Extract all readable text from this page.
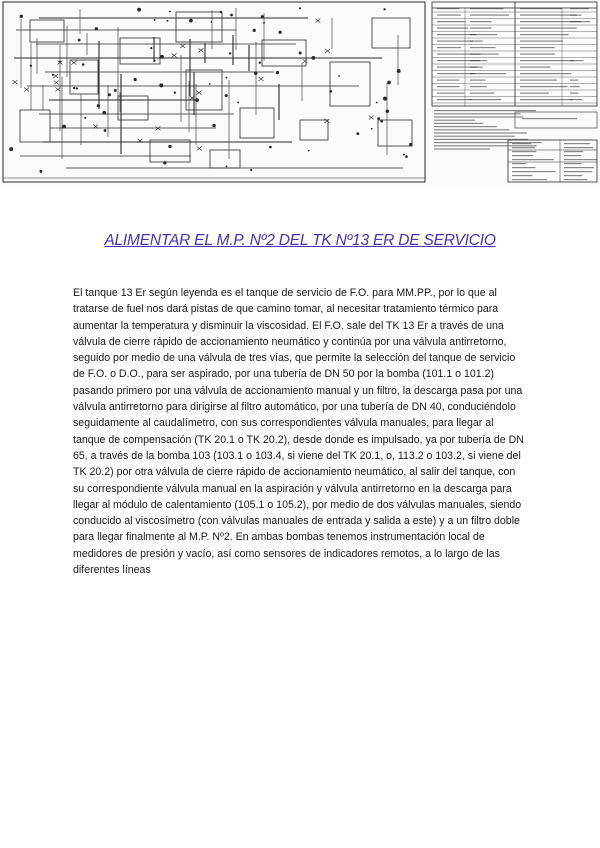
ALIMENTAR EL M.P. Nº2 DEL TK Nº13 ER DE SERVICIO
El tanque 13 Er según leyenda es el tanque de servicio de F.O. para MM.PP., por lo que al tratarse de fuel nos dará pistas de que camino tomar, al necesitar tratamiento térmico para aumentar la temperatura y disminuir la viscosidad. El F.O. sale del TK 13 Er a través de una válvula de cierre rápido de accionamiento neumático y continúa por una válvula antirretorno, seguido por medio de una válvula de tres vías, que permite la selección del tanque de servicio de F.O. o D.O., para ser aspirado, por una tubería de DN 50 por la bomba (101.1 o 101.2) pasando primero por una válvula de accionamiento manual y un filtro, la descarga pasa por una válvula antirretorno para dirigirse al filtro automático, por una tubería de DN 40, conduciéndolo seguidamente al caudalímetro, con sus correspondientes válvula manuales, para llegar al tanque de compensación (TK 20.1 o TK 20.2), desde donde es impulsado, ya por tubería de DN 65, a través de la bomba 103 (103.1 o 103.4, si viene del TK 20.1, o, 113.2 o 103.2, si viene del TK 20.2) por otra válvula de cierre rápido de accionamiento neumático, al salir del tanque, con su correspondiente válvula manual en la aspiración y válvula antirretorno en la descarga para llegar al módulo de calentamiento (105.1 o 105.2), por medio de dos válvulas manuales, siendo conducido al viscosímetro (con válvulas manuales de entrada y salida a este) y a un filtro doble para llegar finalmente al M.P. Nº2. En ambas bombas tenemos instrumentación local de medidores de presión y vacío, así como sensores de indicadores remotos, a lo largo de las diferentes líneas
